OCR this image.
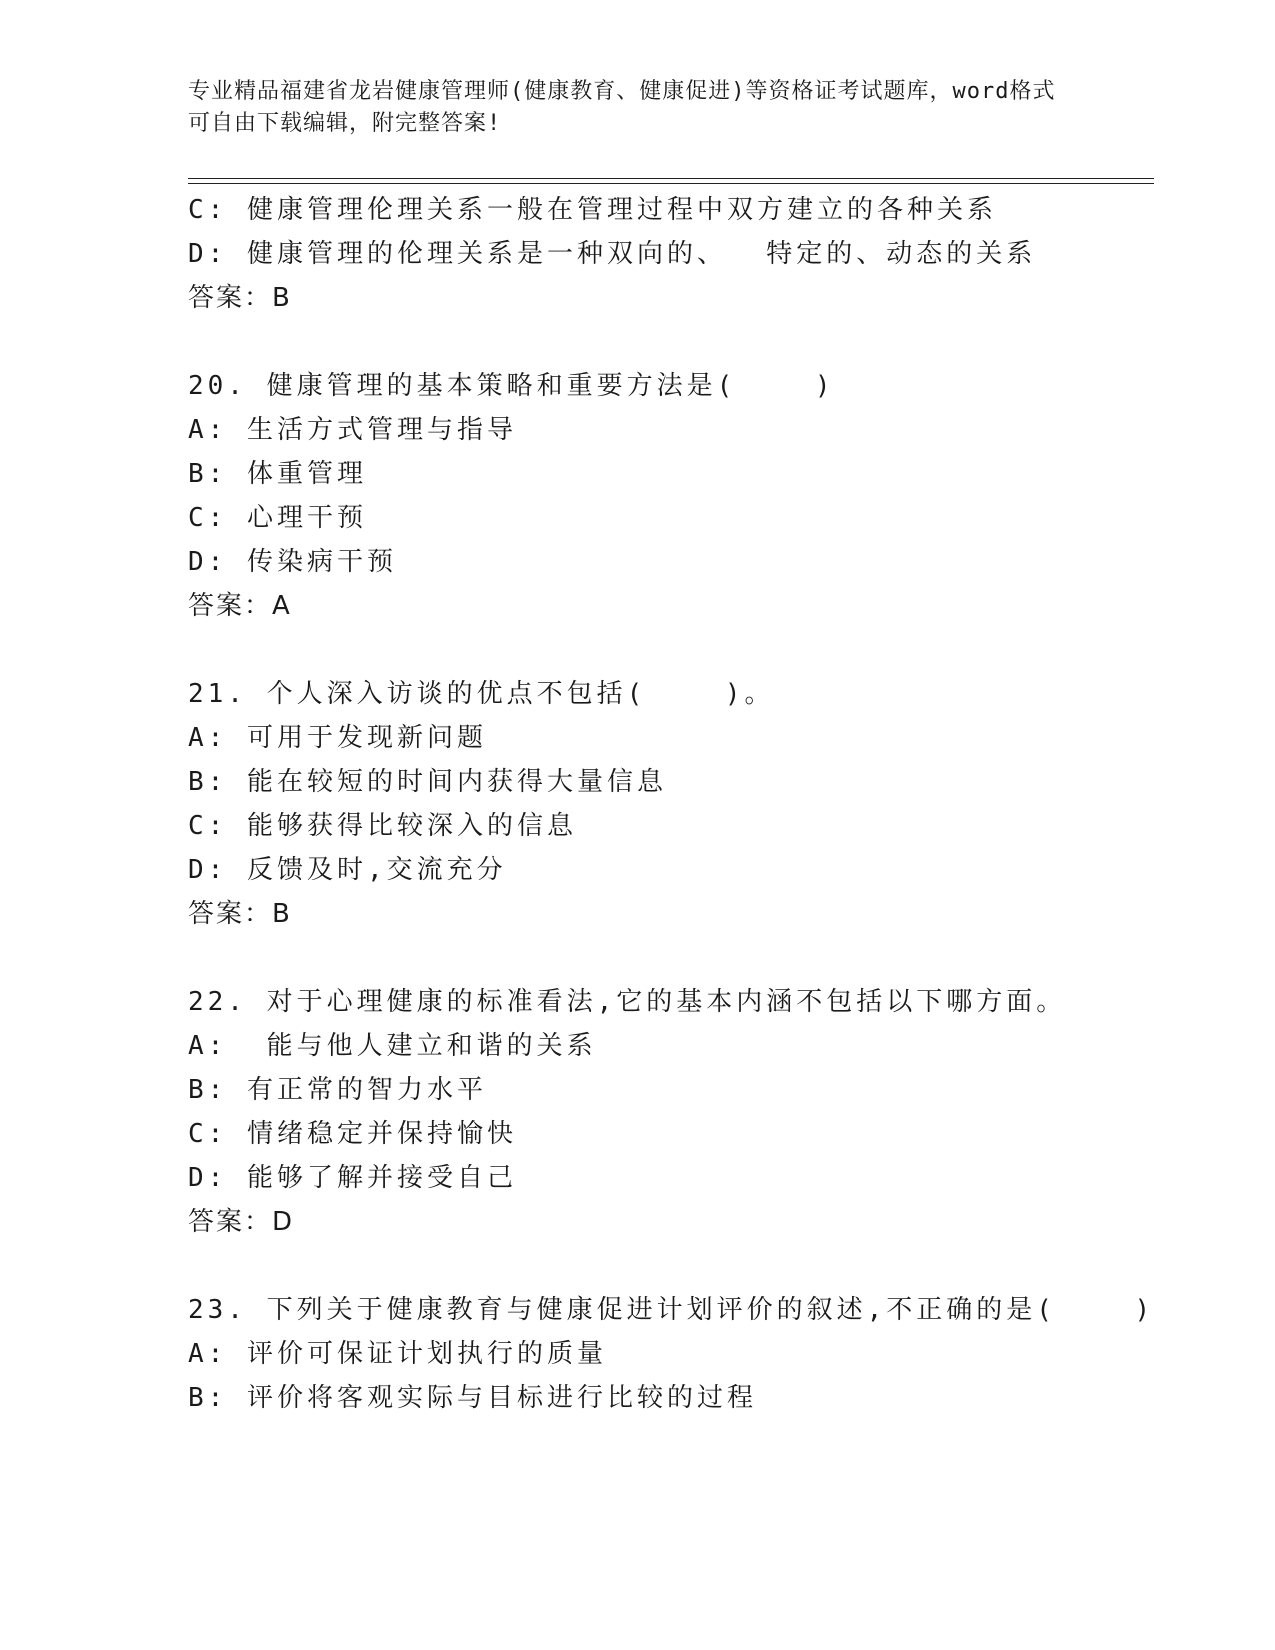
专业精品福建省龙岩健康管理师(健康教育、健康促进)等资格证考试题库，word格式可自由下载编辑，附完整答案!
C: 健康管理伦理关系一般在管理过程中双方建立的各种关系
D: 健康管理的伦理关系是一种双向的、  特定的、动态的关系
答案：B
20. 健康管理的基本策略和重要方法是(    )
A: 生活方式管理与指导
B: 体重管理
C: 心理干预
D: 传染病干预
答案：A
21. 个人深入访谈的优点不包括(    )。
A: 可用于发现新问题
B: 能在较短的时间内获得大量信息
C: 能够获得比较深入的信息
D: 反馈及时,交流充分
答案：B
22. 对于心理健康的标准看法,它的基本内涵不包括以下哪方面。
A:  能与他人建立和谐的关系
B: 有正常的智力水平
C: 情绪稳定并保持愉快
D: 能够了解并接受自己
答案：D
23. 下列关于健康教育与健康促进计划评价的叙述,不正确的是(    )
A: 评价可保证计划执行的质量
B: 评价将客观实际与目标进行比较的过程
